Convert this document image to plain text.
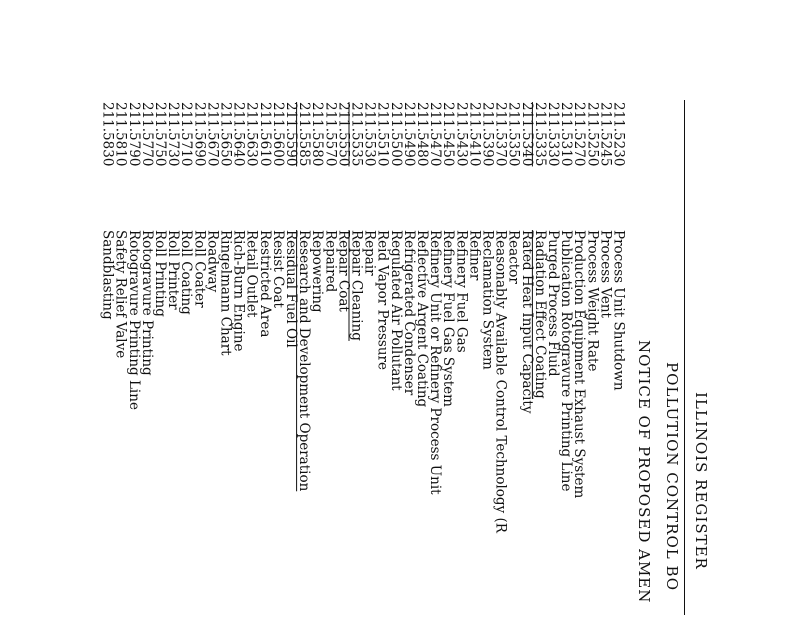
ILLINOIS REGISTER
POLLUTION CONTROL BO
NOTICE OF PROPOSED AMEN
211.5230
Process Unit Shutdown
211.5245
Process Vent
211.5250
Process Weight Rate
211.5270
Production Equipment Exhaust System
211.5310
Publication Rotogravure Printing Line
211.5330
Purged Process Fluid
211.5335
Radiation Effect Coating
211.5340
Rated Heat Input Capacity
211.5350
Reactor
211.5370
Reasonably Available Control Technology (R
211.5390
Reclamation System
211.5410
Refiner
211.5430
Refinery Fuel Gas
211.5450
Refinery Fuel Gas System
211.5470
Refinery Unit or Refinery Process Unit
211.5480
Reflective Argent Coating
211.5490
Refrigerated Condenser
211.5500
Regulated Air Pollutant
211.5510
Reid Vapor Pressure
211.5530
Repair
211.5535
Repair Cleaning
211.5550
Repair Coat
211.5570
Repaired
211.5580
Repowering
211.5585
Research and Development Operation
211.5590
Residual Fuel Oil
211.5600
Resist Coat
211.5610
Restricted Area
211.5630
Retail Outlet
211.5640
Rich-Burn Engine
211.5650
Ringelmann Chart
211.5670
Roadway
211.5690
Roll Coater
211.5710
Roll Coating
211.5730
Roll Printer
211.5750
Roll Printing
211.5770
Rotogravure Printing
211.5790
Rotogravure Printing Line
211.5810
Safety Relief Valve
211.5830
Sandblasting
